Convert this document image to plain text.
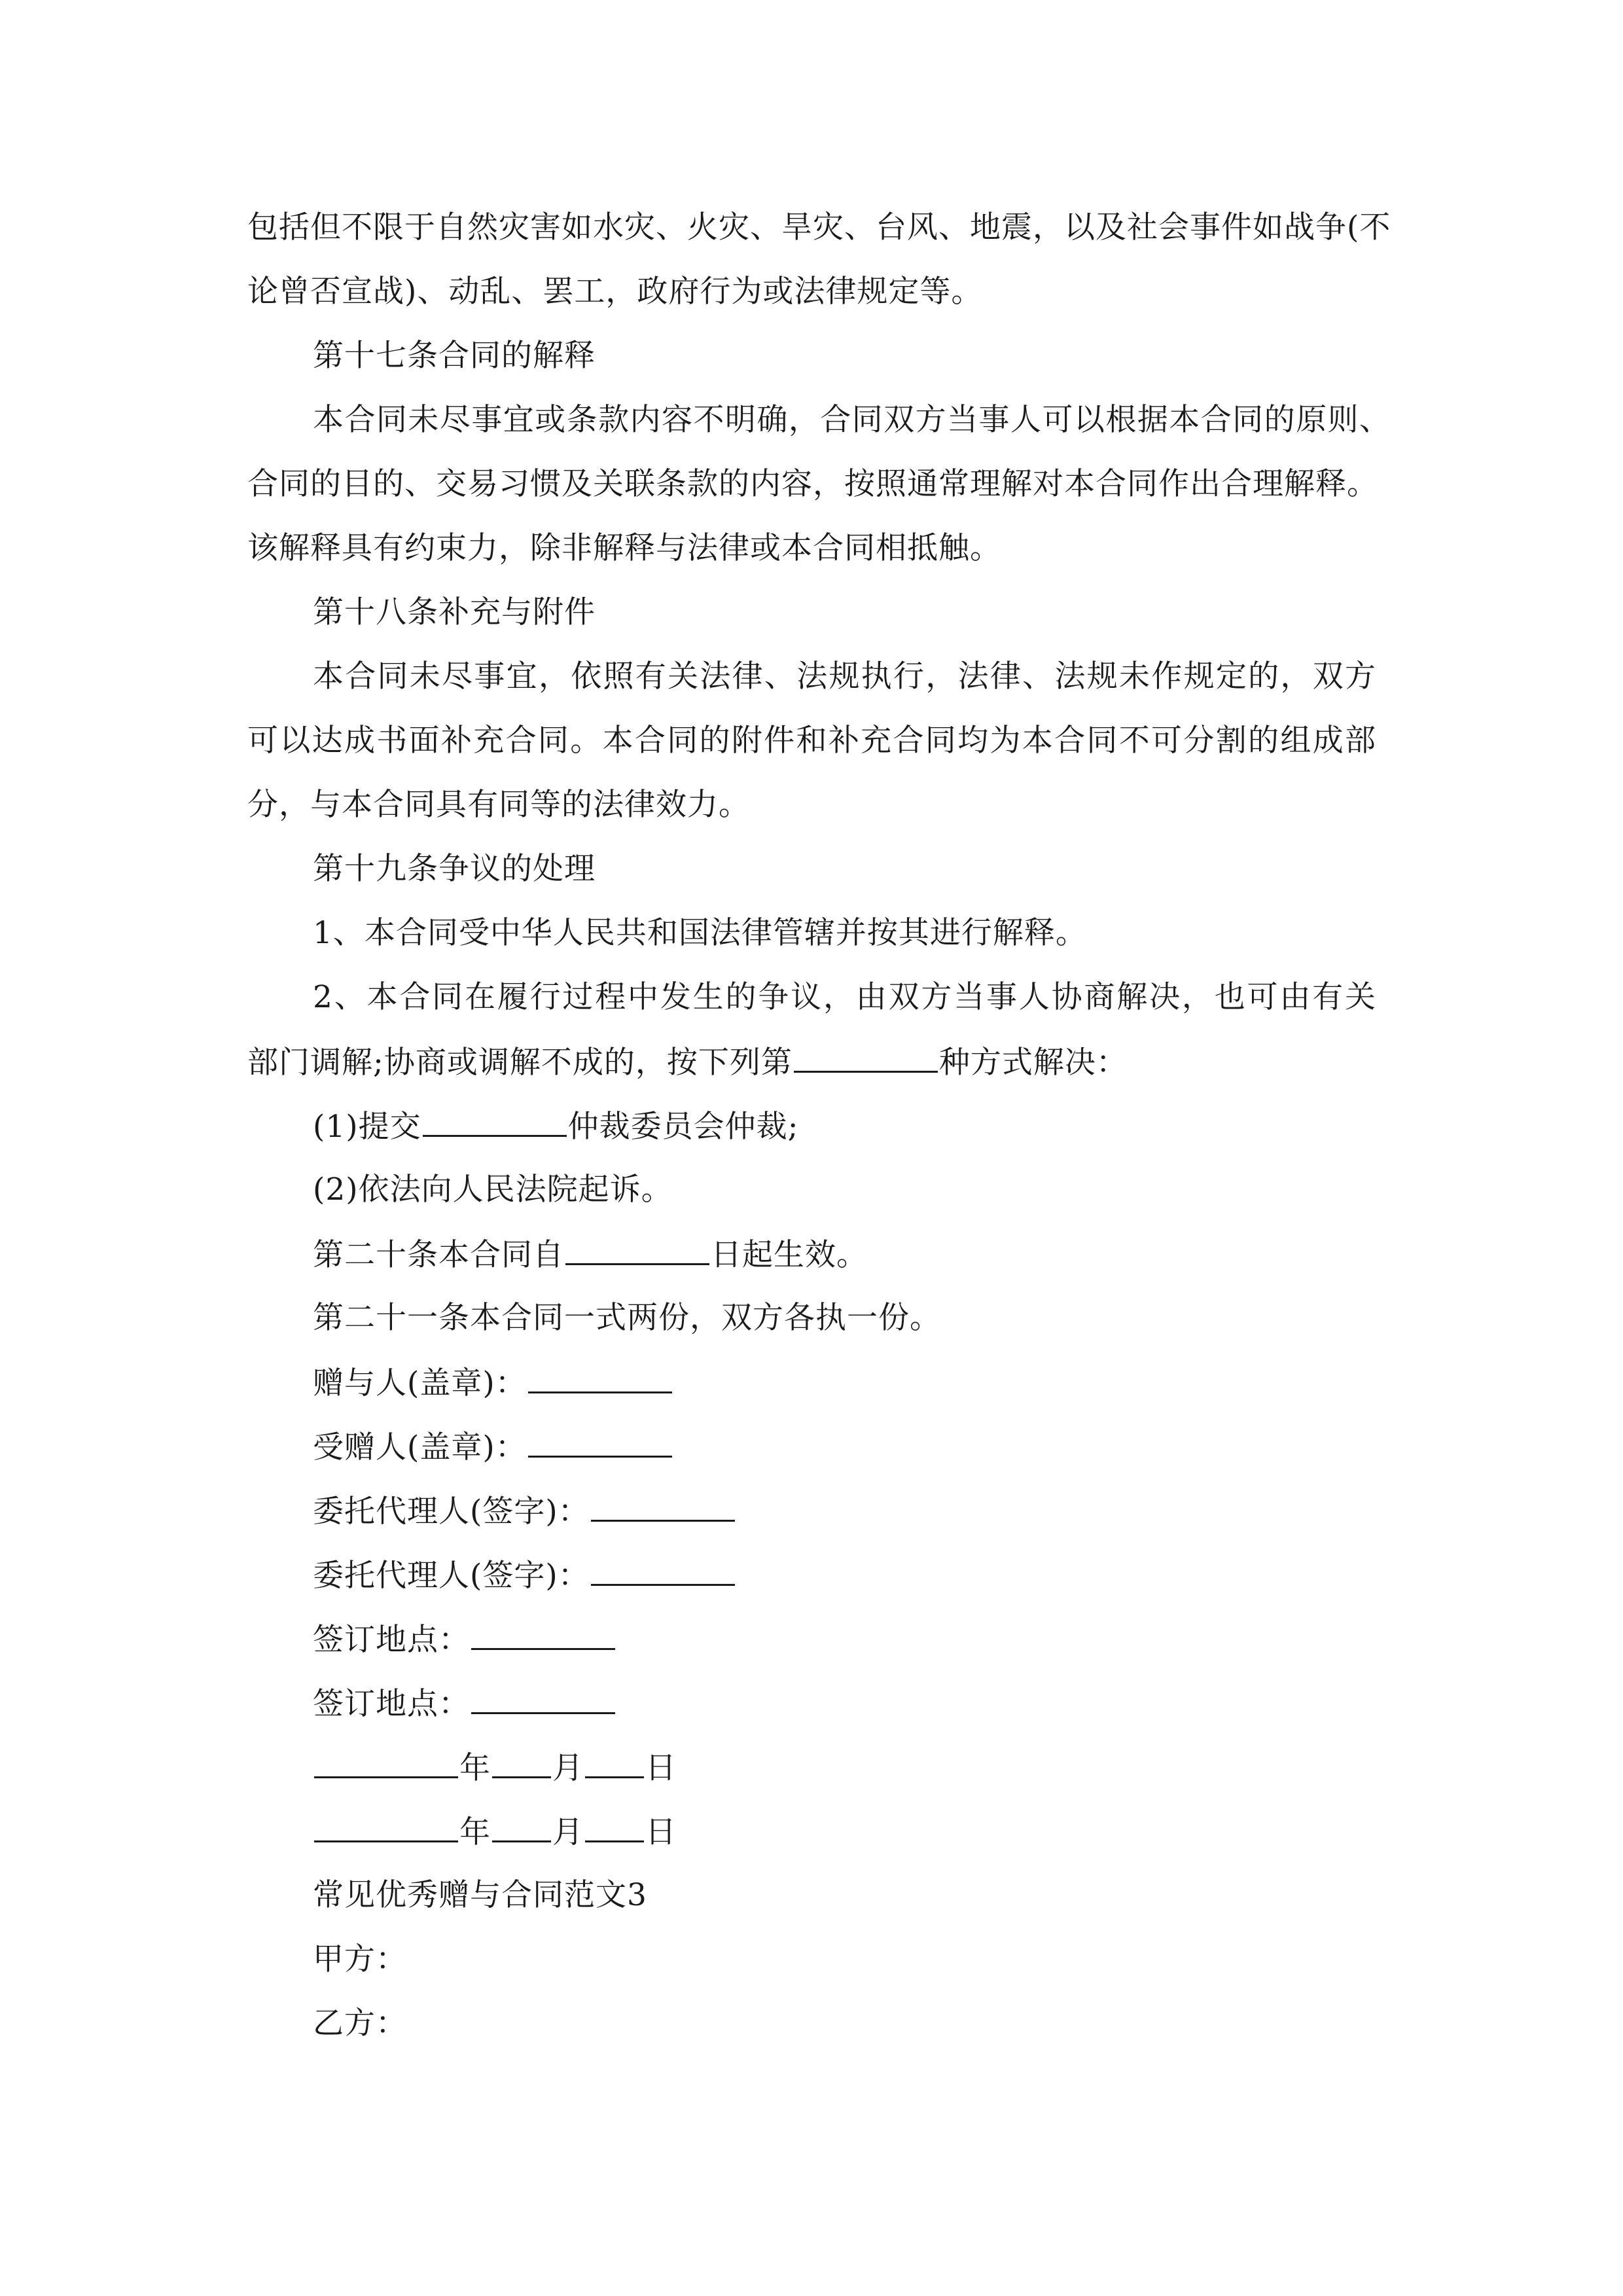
包括但不限于自然灾害如水灾、火灾、旱灾、台风、地震，以及社会事件如战争(不
论曾否宣战)、动乱、罢工，政府行为或法律规定等。
第十七条合同的解释
本合同未尽事宜或条款内容不明确，合同双方当事人可以根据本合同的原则、
合同的目的、交易习惯及关联条款的内容，按照通常理解对本合同作出合理解释。
该解释具有约束力，除非解释与法律或本合同相抵触。
第十八条补充与附件
本合同未尽事宜，依照有关法律、法规执行，法律、法规未作规定的，双方
可以达成书面补充合同。本合同的附件和补充合同均为本合同不可分割的组成部
分，与本合同具有同等的法律效力。
第十九条争议的处理
1、本合同受中华人民共和国法律管辖并按其进行解释。
2、本合同在履行过程中发生的争议，由双方当事人协商解决，也可由有关
部门调解;协商或调解不成的，按下列第	种方式解决：
(1)提交	仲裁委员会仲裁;
(2)依法向人民法院起诉。
第二十条本合同自	日起生效。
第二十一条本合同一式两份，双方各执一份。
赠与人(盖章)：
受赠人(盖章)：
委托代理人(签字)：
委托代理人(签字)：
签订地点：
签订地点：
年 月 日
年 月 日
常见优秀赠与合同范文3
甲方：
乙方：
